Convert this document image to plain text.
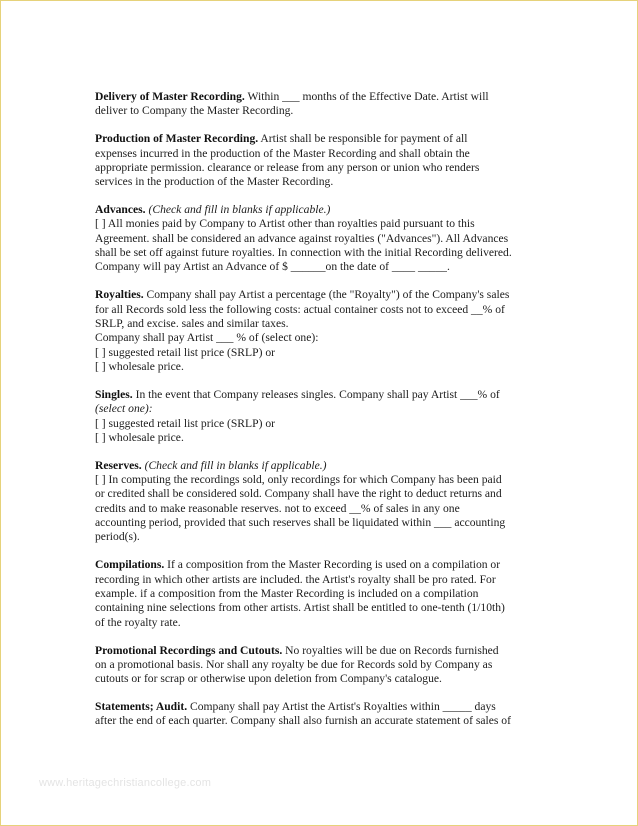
Delivery of Master Recording. Within ___ months of the Effective Date. Artist will
deliver to Company the Master Recording.
Production of Master Recording. Artist shall be responsible for payment of all
expenses incurred in the production of the Master Recording and shall obtain the
appropriate permission. clearance or release from any person or union who renders
services in the production of the Master Recording.
Advances. (Check and fill in blanks if applicable.)
[ ] All monies paid by Company to Artist other than royalties paid pursuant to this
Agreement. shall be considered an advance against royalties ("Advances"). All Advances
shall be set off against future royalties. In connection with the initial Recording delivered.
Company will pay Artist an Advance of $ ______on the date of ____ _____.
Royalties. Company shall pay Artist a percentage (the "Royalty") of the Company's sales
for all Records sold less the following costs: actual container costs not to exceed __% of
SRLP, and excise. sales and similar taxes.
Company shall pay Artist ___ % of (select one):
[ ] suggested retail list price (SRLP) or
[ ] wholesale price.
Singles. In the event that Company releases singles. Company shall pay Artist ___% of
(select one):
[ ] suggested retail list price (SRLP) or
[ ] wholesale price.
Reserves. (Check and fill in blanks if applicable.)
[ ] In computing the recordings sold, only recordings for which Company has been paid
or credited shall be considered sold. Company shall have the right to deduct returns and
credits and to make reasonable reserves. not to exceed __% of sales in any one
accounting period, provided that such reserves shall be liquidated within ___ accounting
period(s).
Compilations. If a composition from the Master Recording is used on a compilation or
recording in which other artists are included. the Artist's royalty shall be pro rated. For
example. if a composition from the Master Recording is included on a compilation
containing nine selections from other artists. Artist shall be entitled to one-tenth (1/10th)
of the royalty rate.
Promotional Recordings and Cutouts. No royalties will be due on Records furnished
on a promotional basis. Nor shall any royalty be due for Records sold by Company as
cutouts or for scrap or otherwise upon deletion from Company's catalogue.
Statements; Audit. Company shall pay Artist the Artist's Royalties within _____ days
after the end of each quarter. Company shall also furnish an accurate statement of sales of
www.heritagechristiancollege.com
